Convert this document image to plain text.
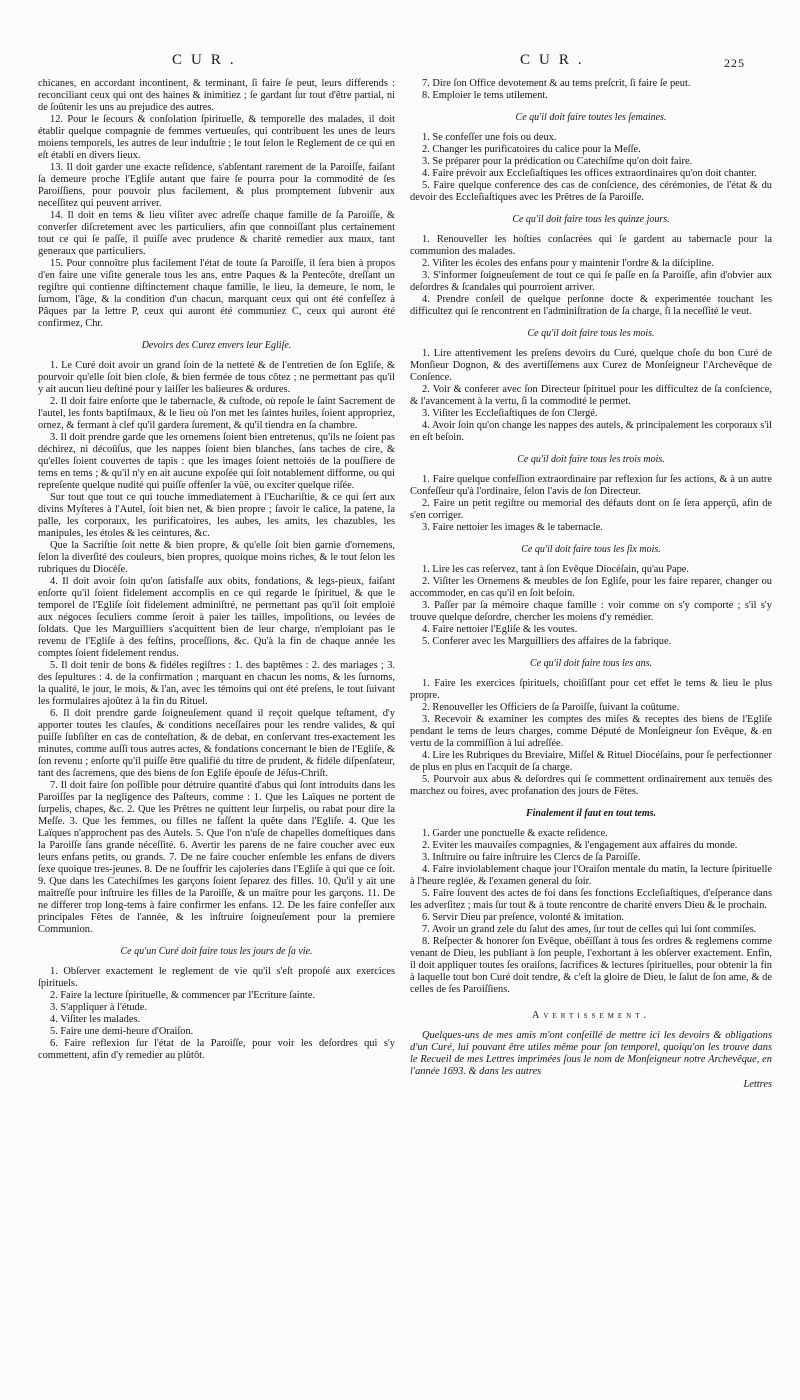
CUR.	CUR.	225

chicanes, en accordant incontinent, & terminant, ſi faire ſe peut, leurs differends : reconciliant ceux qui ont des haines & inimitiez ; ſe gardant ſur tout d'être partial, ni de ſoûtenir les uns au prejudice des autres.

12. Pour le ſecours & conſolation ſpirituelle, & temporelle des malades, il doit établir quelque compagnie de femmes vertueuſes, qui contribuent les unes de leurs moiens temporels, les autres de leur induſtrie ; le tout ſelon le Reglement de ce qui en eſt établi en divers lieux.

13. Il doit garder une exacte reſidence, s'abſentant rarement de la Paroiſſe, faiſant ſa demeure proche l'Egliſe autant que faire ſe pourra pour la commodité de ſes Paroiſſiens, pour pouvoir plus facilement, & plus promptement ſubvenir aux neceſſitez qui peuvent arriver.

14. Il doit en tems & lieu viſiter avec adreſſe chaque famille de ſa Paroiſſe, & converſer diſcretement avec les particuliers, afin que connoiſſant plus certainement tout ce qui ſe paſſe, il puiſſe avec prudence & charité remedier aux maux, tant generaux que particuliers.

15. Pour connoître plus facilement l'état de toute ſa Paroiſſe, il ſera bien à propos d'en faire une viſite generale tous les ans, entre Paques & la Pentecôte, dreſſant un regiſtre qui contienne diſtinctement chaque famille, le lieu, la demeure, le nom, le ſurnom, l'âge, & la condition d'un chacun, marquant ceux qui ont été confeſſez à Pâques par la lettre P, ceux qui auront été communiez C, ceux qui auront été confirmez, Chr.

Devoirs des Curez envers leur Egliſe.

1. Le Curé doit avoir un grand ſoin de la netteté & de l'entretien de ſon Egliſe, & pourvoir qu'elle ſoit bien cloſe, & bien fermée de tous côtez ; ne permettant pas qu'il y ait aucun lieu deſtiné pour y laiſſer les balieures & ordures.

2. Il doit faire enſorte que le tabernacle, & cuſtode, où repoſe le ſaint Sacrement de l'autel, les fonts baptiſmaux, & le lieu où l'on met les ſaintes huiles, ſoient appropriez, ornez, & fermant à clef qu'il gardera ſurement, & qu'il tiendra en ſa chambre.

3. Il doit prendre garde que les ornemens ſoient bien entretenus, qu'ils ne ſoient pas déchirez, ni décoûſus, que les nappes ſoient bien blanches, ſans taches de cire, & qu'elles ſoient couvertes de tapis : que les images ſoient nettoiés de la pouſſiere de tems en tems ; & qu'il n'y en ait aucune expoſée qui ſoit notablement difforme, ou qui repreſente quelque nudité qui puiſſe offenſer la vûë, ou exciter quelque riſée.

Sur tout que tout ce qui touche immediatement à l'Euchariſtie, & ce qui ſert aux divins Myſteres à l'Autel, ſoit bien net, & bien propre ; ſavoir le calice, la patene, la palle, les corporaux, les purificatoires, les aubes, les amits, les chazubles, les manipules, les étoles & les ceintures, &c.

Que la Sacriſtie ſoit nette & bien propre, & qu'elle ſoit bien garnie d'ornemens, ſelon la diverſité des couleurs, bien propres, quoique moins riches, & le tout ſelon les rubriques du Diocèſe.

4. Il doit avoir ſoin qu'on ſatisfaſſe aux obits, fondations, & legs-pieux, faiſant enſorte qu'il ſoient fidelement accomplis en ce qui regarde le ſpirituel, & que le temporel de l'Egliſe ſoit fidelement adminiſtré, ne permettant pas qu'il ſoit emploié aux négoces ſeculiers comme ſeroit à paier les tailles, impoſitions, ou levées de ſoldats. Que les Marguilliers s'acquittent bien de leur charge, n'emploiant pas le revenu de l'Egliſe à des feſtins, proceſſions, &c. Qu'à la fin de chaque année les comptes ſoient fidelement rendus.

5. Il doit tenir de bons & fidéles regiſtres : 1. des baptêmes : 2. des mariages ; 3. des ſepultures : 4. de la confirmation ; marquant en chacun les noms, & les ſurnoms, la qualité, le jour, le mois, & l'an, avec les témoins qui ont été preſens, le tout ſuivant les formulaires ajoûtez à la fin du Rituel.

6. Il doit prendre garde ſoigneuſement quand il reçoit quelque teſtament, d'y apporter toutes les clauſes, & conditions neceſſaires pour les rendre valides, & qui puiſſe ſubſiſter en cas de conteſtation, & de debat, en conſervant tres-exactement les minutes, comme auſſi tous autres actes, & fondations concernant le bien de l'Egliſe, & ſon revenu ; enſorte qu'il puiſſe être qualifié du titre de prudent, & fidéle diſpenſateur, tant des ſacremens, que des biens de ſon Egliſe épouſe de Jéſus-Chriſt.

7. Il doit faire ſon poſſible pour détruire quantité d'abus qui ſont introduits dans les Paroiſſes par la negligence des Paſteurs, comme : 1. Que les Laïques ne portent de ſurpelis, chapes, &c. 2. Que les Prêtres ne quittent leur ſurpelis, ou rabat pour dire la Meſſe. 3. Que les femmes, ou filles ne faſſent la quête dans l'Egliſe. 4. Que les Laïques n'approchent pas des Autels. 5. Que l'on n'uſe de chapelles domeſtiques dans la Paroiſſe ſans grande néceſſité. 6. Avertir les parens de ne faire coucher avec eux leurs enfans petits, ou grands. 7. De ne faire coucher enſemble les enfans de divers ſexe quoique tres-jeunes. 8. De ne ſouffrir les cajoleries dans l'Egliſe à qui que ce ſoit. 9. Que dans les Catechiſmes les garçons ſoient ſeparez des filles. 10. Qu'il y ait une maîtreſſe pour inſtruire les filles de la Paroiſſe, & un maître pour les garçons. 11. De ne differer trop long-tems à faire confirmer les enfans. 12. De les faire confeſſer aux principales Fêtes de l'année, & les inſtruire ſoigneuſement pour la premiere Communion.

Ce qu'un Curé doit faire tous les jours de ſa vie.

1. Obſerver exactement le reglement de vie qu'il s'eſt propoſé aux exercices ſpirituels.

2. Faire la lecture ſpirituelle, & commencer par l'Ecriture ſainte.

3. S'appliquer à l'étude.

4. Viſiter les malades.

5. Faire une demi-heure d'Oraiſon.

6. Faire reflexion ſur l'état de la Paroiſſe, pour voir les deſordres qui s'y commettent, afin d'y remedier au plûtôt.

7. Dire ſon Office devotement & au tems preſcrit, ſi faire ſe peut.

8. Emploier le tems utilement.

Ce qu'il doit faire toutes les ſemaines.

1. Se confeſſer une fois ou deux.

2. Changer les purificatoires du calice pour la Meſſe.

3. Se préparer pour la prédication ou Catechiſme qu'on doit faire.

4. Faire prévoir aux Eccleſiaſtiques les offices extraordinaires qu'on doit chanter.

5. Faire quelque conference des cas de conſcience, des cérémonies, de l'état & du devoir des Eccleſiaſtiques avec les Prêtres de ſa Paroiſſe.

Ce qu'il doit faire tous les quinze jours.

1. Renouveller les hoſties conſacrées qui ſe gardent au tabernacle pour la communion des malades.

2. Viſiter les écoles des enfans pour y maintenir l'ordre & la diſcipline.

3. S'informer ſoigneuſement de tout ce qui ſe paſſe en ſa Paroiſſe, afin d'obvier aux deſordres & ſcandales qui pourroient arriver.

4. Prendre conſeil de quelque perſonne docte & experimentée touchant les difficultez qui ſe rencontrent en l'adminiſtration de ſa charge, ſi la neceſſité le veut.

Ce qu'il doit faire tous les mois.

1. Lire attentivement les preſens devoirs du Curé, quelque choſe du bon Curé de Monſieur Dognon, & des avertiſſemens aux Curez de Monſeigneur l'Archevêque de Conſence.

2. Voir & conferer avec ſon Directeur ſpirituel pour les difficultez de ſa conſcience, & l'avancement à la vertu, ſi la commodité le permet.

3. Viſiter les Eccleſiaſtiques de ſon Clergé.

4. Avoir ſoin qu'on change les nappes des autels, & principalement les corporaux s'il en eſt beſoin.

Ce qu'il doit faire tous les trois mois.

1. Faire quelque confeſſion extraordinaire par reflexion ſur ſes actions, & à un autre Confeſſeur qu'à l'ordinaire, ſelon l'avis de ſon Directeur.

2. Faire un petit regiſtre ou memorial des défauts dont on ſe ſera apperçû, afin de s'en corriger.

3. Faire nettoier les images & le tabernacle.

Ce qu'il doit faire tous les ſix mois.

1. Lire les cas reſervez, tant à ſon Evêque Diocéſain, qu'au Pape.

2. Viſiter les Ornemens & meubles de ſon Egliſe, pour les faire reparer, changer ou accommoder, en cas qu'il en ſoit beſoin.

3. Paſſer par ſa mémoire chaque famille : voir comme on s'y comporte ; s'il s'y trouve quelque deſordre, chercher les moiens d'y remédier.

4. Faire nettoier l'Egliſe & les voutes.

5. Conferer avec les Marguilliers des affaires de la fabrique.

Ce qu'il doit faire tous les ans.

1. Faire les exercices ſpirituels, choiſiſſant pour cet effet le tems & lieu le plus propre.

2. Renouveller les Officiers de ſa Paroiſſe, ſuivant la coûtume.

3. Recevoir & examiner les comptes des miſes & receptes des biens de l'Egliſe pendant le tems de leurs charges, comme Député de Monſeigneur ſon Evêque, & en vertu de la commiſſion à lui adreſſée.

4. Lire les Rubriques du Breviaire, Miſſel & Rituel Diocéſains, pour ſe perfectionner de plus en plus en l'acquit de ſa charge.

5. Pourvoir aux abus & deſordres qui ſe commettent ordinairement aux tenuës des marchez ou foires, avec profanation des jours de Fêtes.

Finalement il faut en tout tems.

1. Garder une ponctuelle & exacte reſidence.

2. Eviter les mauvaiſes compagnies, & l'engagement aux affaires du monde.

3. Inſtruire ou faire inſtruire les Clercs de ſa Paroiſſe.

4. Faire inviolablement chaque jour l'Oraiſon mentale du matin, la lecture ſpirituelle à l'heure reglée, & l'examen general du ſoir.

5. Faire ſouvent des actes de foi dans ſes fonctions Eccleſiaſtiques, d'eſperance dans les adverſitez ; mais ſur tout & à toute rencontre de charité envers Dieu & le prochain.

6. Servir Dieu par preſence, volonté & imitation.

7. Avoir un grand zele du ſalut des ames, ſur tout de celles qui lui ſont commiſes.

8. Reſpecter & honorer ſon Evêque, obéïſſant à tous ſes ordres & reglemens comme venant de Dieu, les publiant à ſon peuple, l'exhortant à les obſerver exactement. Enfin, il doit appliquer toutes ſes oraiſons, ſacrifices & lectures ſpirituelles, pour obtenir la fin à laquelle tout bon Curé doit tendre, & c'eſt la gloire de Dieu, le ſalut de ſon ame, & de celles de ſes Paroiſſiens.

Avertissement.

Quelques-uns de mes amis m'ont conſeillé de mettre ici les devoirs & obligations d'un Curé, lui pouvant être utiles même pour ſon temporel, quoiqu'on les trouve dans le Recueil de mes Lettres imprimées ſous le nom de Monſeigneur notre Archevêque, en l'année 1693. & dans les autres

Lettres
